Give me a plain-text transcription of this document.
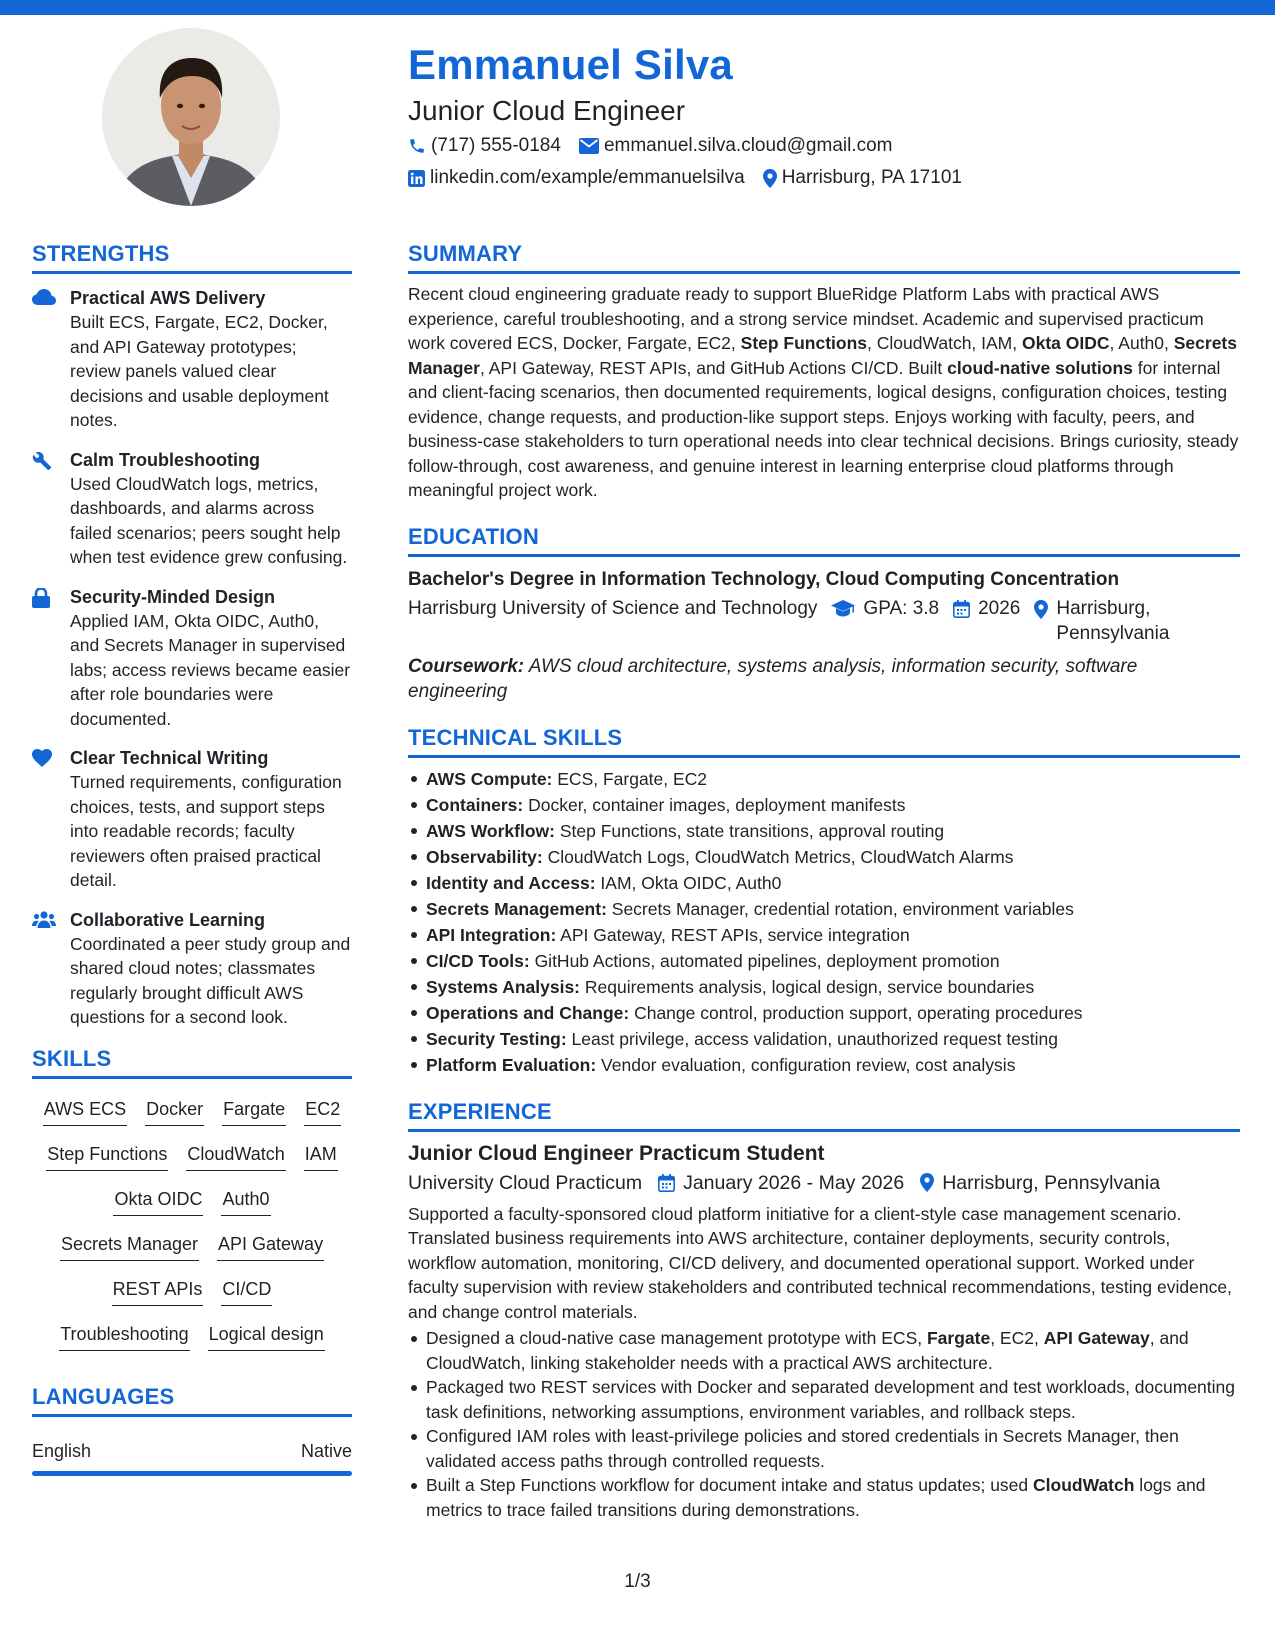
Emmanuel Silva
Junior Cloud Engineer
(717) 555-0184 emmanuel.silva.cloud@gmail.com
linkedin.com/example/emmanuelsilva Harrisburg, PA 17101
STRENGTHS
Practical AWS Delivery
Built ECS, Fargate, EC2, Docker, and API Gateway prototypes; review panels valued clear decisions and usable deployment notes.
Calm Troubleshooting
Used CloudWatch logs, metrics, dashboards, and alarms across failed scenarios; peers sought help when test evidence grew confusing.
Security-Minded Design
Applied IAM, Okta OIDC, Auth0, and Secrets Manager in supervised labs; access reviews became easier after role boundaries were documented.
Clear Technical Writing
Turned requirements, configuration choices, tests, and support steps into readable records; faculty reviewers often praised practical detail.
Collaborative Learning
Coordinated a peer study group and shared cloud notes; classmates regularly brought difficult AWS questions for a second look.
SKILLS
AWS ECS Docker Fargate EC2
Step Functions CloudWatch IAM
Okta OIDC Auth0
Secrets Manager API Gateway
REST APIs CI/CD
Troubleshooting Logical design
LANGUAGES
English	Native
SUMMARY
Recent cloud engineering graduate ready to support BlueRidge Platform Labs with practical AWS experience, careful troubleshooting, and a strong service mindset. Academic and supervised practicum work covered ECS, Docker, Fargate, EC2, Step Functions, CloudWatch, IAM, Okta OIDC, Auth0, Secrets Manager, API Gateway, REST APIs, and GitHub Actions CI/CD. Built cloud-native solutions for internal and client-facing scenarios, then documented requirements, logical designs, configuration choices, testing evidence, change requests, and production-like support steps. Enjoys working with faculty, peers, and business-case stakeholders to turn operational needs into clear technical decisions. Brings curiosity, steady follow-through, cost awareness, and genuine interest in learning enterprise cloud platforms through meaningful project work.
EDUCATION
Bachelor's Degree in Information Technology, Cloud Computing Concentration
Harrisburg University of Science and Technology GPA: 3.8 2026 Harrisburg,
Pennsylvania
Coursework: AWS cloud architecture, systems analysis, information security, software engineering
TECHNICAL SKILLS
AWS Compute: ECS, Fargate, EC2
Containers: Docker, container images, deployment manifests
AWS Workflow: Step Functions, state transitions, approval routing
Observability: CloudWatch Logs, CloudWatch Metrics, CloudWatch Alarms
Identity and Access: IAM, Okta OIDC, Auth0
Secrets Management: Secrets Manager, credential rotation, environment variables
API Integration: API Gateway, REST APIs, service integration
CI/CD Tools: GitHub Actions, automated pipelines, deployment promotion
Systems Analysis: Requirements analysis, logical design, service boundaries
Operations and Change: Change control, production support, operating procedures
Security Testing: Least privilege, access validation, unauthorized request testing
Platform Evaluation: Vendor evaluation, configuration review, cost analysis
EXPERIENCE
Junior Cloud Engineer Practicum Student
University Cloud Practicum January 2026 - May 2026 Harrisburg, Pennsylvania
Supported a faculty-sponsored cloud platform initiative for a client-style case management scenario. Translated business requirements into AWS architecture, container deployments, security controls, workflow automation, monitoring, CI/CD delivery, and documented operational support. Worked under faculty supervision with review stakeholders and contributed technical recommendations, testing evidence, and change control materials.
Designed a cloud-native case management prototype with ECS, Fargate, EC2, API Gateway, and CloudWatch, linking stakeholder needs with a practical AWS architecture.
Packaged two REST services with Docker and separated development and test workloads, documenting task definitions, networking assumptions, environment variables, and rollback steps.
Configured IAM roles with least-privilege policies and stored credentials in Secrets Manager, then validated access paths through controlled requests.
Built a Step Functions workflow for document intake and status updates; used CloudWatch logs and metrics to trace failed transitions during demonstrations.
1/3
